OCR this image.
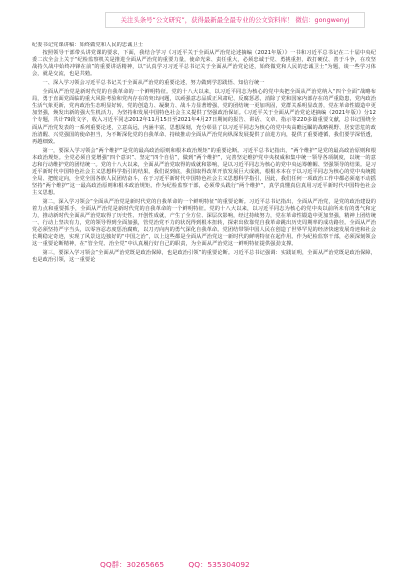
关注头条号“公文研究”，获得最新最全最专业的公文资料库！ 微信：gongwenyj
纪委书记党课讲稿：始终做党和人民的忠诚卫士

按照领导干部带头讲党课的要求，下面，我结合学习《习近平关于全面从严治党论述摘编（2021年版）》一书和习近平总书记在二十届中央纪委二次全会上关于“纪检监察机关是推进全面从严治党的重要力量，使命光荣、责任重大，必须忠诚于党、勇挑重担，敢打硬仗、善于斗争，在攻坚战持久战中始终冲锋在前”的重要讲话精神，以“认真学习习近平总书记关于全面从严治党论述，始终做党和人民的忠诚卫士”为题，谈一些学习体会，就是交流，也是共勉。

一、深入学习领会习近平总书记关于全面从严治党的重要论述，努力做到学思践悟、知信行统一

全面从严治党是新时代党的自我革命的一个鲜明特征。党的十八大以来，以习近平同志为核心的党中央把全面从严治党纳入“四个全面”战略布局，勇于直面党面临的重大风险考验和党内存在的突出问题，以顽强意志品质正风肃纪、反腐惩恶，消除了党和国家内部存在的严重隐患，党内政治生活气象更新，党内政治生态明显好转，党的创造力、凝聚力、战斗力显著增强，党的团结统一更加巩固，党群关系明显改善，党在革命性锻造中更加坚强，焕发出新的强大生机活力，为坚持和发展中国特色社会主义提供了坚强政治保证。《习近平关于全面从严治党论述摘编（2021年版）》分12个专题，共计79段文字，收入习近平同志2012年11月15日至2021年4月27日期间的报告、讲话、文章、指示等220多篇重要文献，总书记围绕全面从严治党发表的一系列重要论述，立意高远，内涵丰富，思想深刻，充分彰显了以习近平同志为核心的党中央高瞻远瞩的战略视野、居安思危的政治清醒、兴党强国的使命担当，为不断深化党的自我革命、持续推动全面从严治党向纵深发展提供了前进方向，提供了重要遵循，我们要学深悟透，再越细致。

第一，要深入学习领会“两个维护”是党的最高政治原则和根本政治规矩“的重要论断。习近平总书记指出，“两个维护”是党的最高政治原则和根本政治规矩。全党必须自觉增强“四个意识”、坚定“四个自信”，做到“两个维护”，完善坚定维护党中央权威和集中统一领导各项制度，以统一的意志和行动维护党的团结统一。党的十八大以来，全面从严治党取得的成就和影响，是以习近平同志为核心的党中央运筹帷幄、坚强领导的结果。是习近平新时代中国特色社会主义思想科学指引的结果。我们说到底，我国取得改革开放发展巨大成就，根根本本在于以习近平同志为核心的党中央统揽全局、把舵定向，全党全国各族人民团结奋斗，在于习近平新时代中国特色社会主义思想科学指引，因此，我们任何一项政治工作中都必须毫不动摇坚持“两个维护”这一最高政治原则和根本政治规矩。作为纪检监察干部，必须带头践行“两个维护”，真学真懂真信真用习近平新时代中国特色社会主义思想。

第二，深入学习领会“全面从严治党是新时代党的自我革命的一个鲜明特征”的重要论断。习近平总书记指出，全面从严治党，是党的政治建设的着力点和重要抓手，全面从严治党是新时代党的自我革命的一个鲜明特征。党的十八大以来，以习近平同志为核心的党中央以前所未有的勇气和定力，推动新时代全面从严治党取得了历史性、开创性成就，产生了全方位、深层次影响，经过持续努力，党在革命性锻造中更加坚强，精神上团结统一、行动上坚决有力，党的领导得到全面加强，管党治党不力的状况得到根本扭转，探索出依靠党自我革命跳出历史周期率的成功路径。全面从严治党必须坚持严字当头，以零容忍态度惩治腐败，以刀刃向内的勇气深化自我革命。党团结带领中国人民在创造了世界罕见的经济快速发展奇迹和社会长期稳定奇迹，实现了风景这边独好的“中国之治”，以上这些都是全面从严治党这一新时代的鲜明特征在起作用。作为纪检监察干部，必须深刻领会这一重要论断精神，在“管全党、治全党”中认真履行好自己的职责，为全面从严治党这一鲜明特征提供强劲支撑。

第三，要深入学习领会“全面从严治党既是政治保障，也是政治引领”的重要论断。习近平总书记强调：实践证明，全面从严治党既是政治保障，也是政治引领，这一重要论

QQ群：30265665	QQ：535304092
